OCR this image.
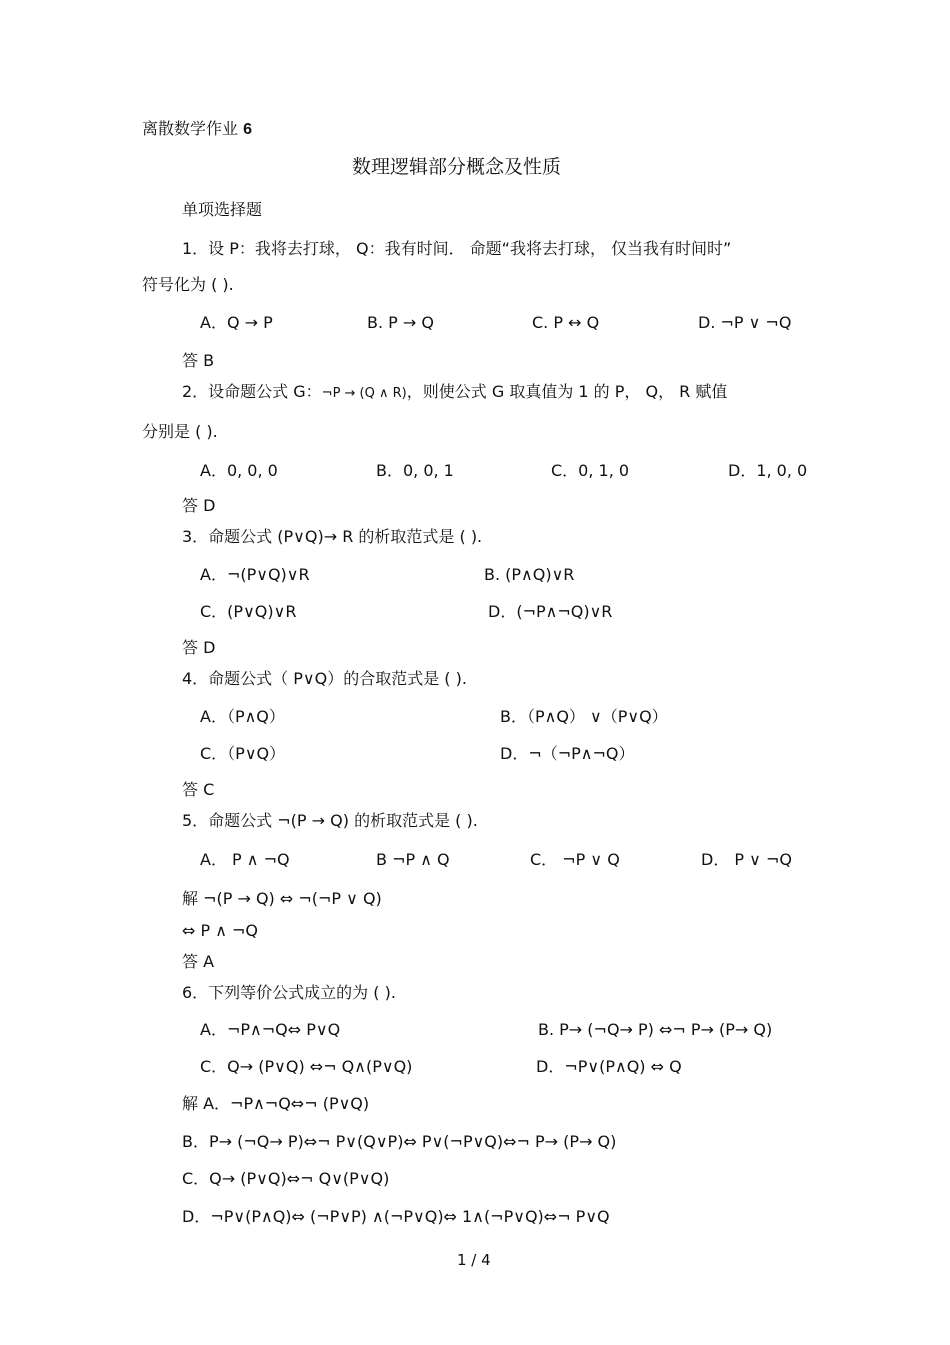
离散数学作业 6
数理逻辑部分概念及性质
单项选择题
1．设 P：我将去打球， Q：我有时间． 命题“我将去打球， 仅当我有时间时”
符号化为 ( ).
A．Q → P	B. P → Q	C. P ↔ Q	D. ¬P ∨ ¬Q
答 B
2．设命题公式 G：¬P → (Q ∧ R)，则使公式 G 取真值为 1 的 P， Q， R 赋值
分别是 ( ).
A．0, 0, 0	B．0, 0, 1	C．0, 1, 0	D．1, 0, 0
答 D
3．命题公式 (P∨Q)→ R 的析取范式是 ( ).
A．¬(P∨Q)∨R	B. (P∧Q)∨R
C．(P∨Q)∨R	D．(¬P∧¬Q)∨R
答 D
4．命题公式（ P∨Q）的合取范式是 ( ).
A．（P∧Q）	B．（P∧Q） ∨（P∨Q）
C．（P∨Q）	D．¬（¬P∧¬Q）
答 C
5．命题公式 ¬(P → Q) 的析取范式是 ( ).
A． P ∧ ¬Q	B ¬P ∧ Q	C． ¬P ∨ Q	D． P ∨ ¬Q
解 ¬(P → Q) ⇔ ¬(¬P ∨ Q)
⇔ P ∧ ¬Q
答 A
6．下列等价公式成立的为 ( ).
A．¬P∧¬Q⇔ P∨Q	B. P→ (¬Q→ P) ⇔¬ P→ (P→ Q)
C．Q→ (P∨Q) ⇔¬ Q∧(P∨Q)	D．¬P∨(P∧Q) ⇔ Q
解 A．¬P∧¬Q⇔¬ (P∨Q)
B．P→ (¬Q→ P)⇔¬ P∨(Q∨P)⇔ P∨(¬P∨Q)⇔¬ P→ (P→ Q)
C．Q→ (P∨Q)⇔¬ Q∨(P∨Q)
D．¬P∨(P∧Q)⇔ (¬P∨P) ∧(¬P∨Q)⇔ 1∧(¬P∨Q)⇔¬ P∨Q
1 / 4
